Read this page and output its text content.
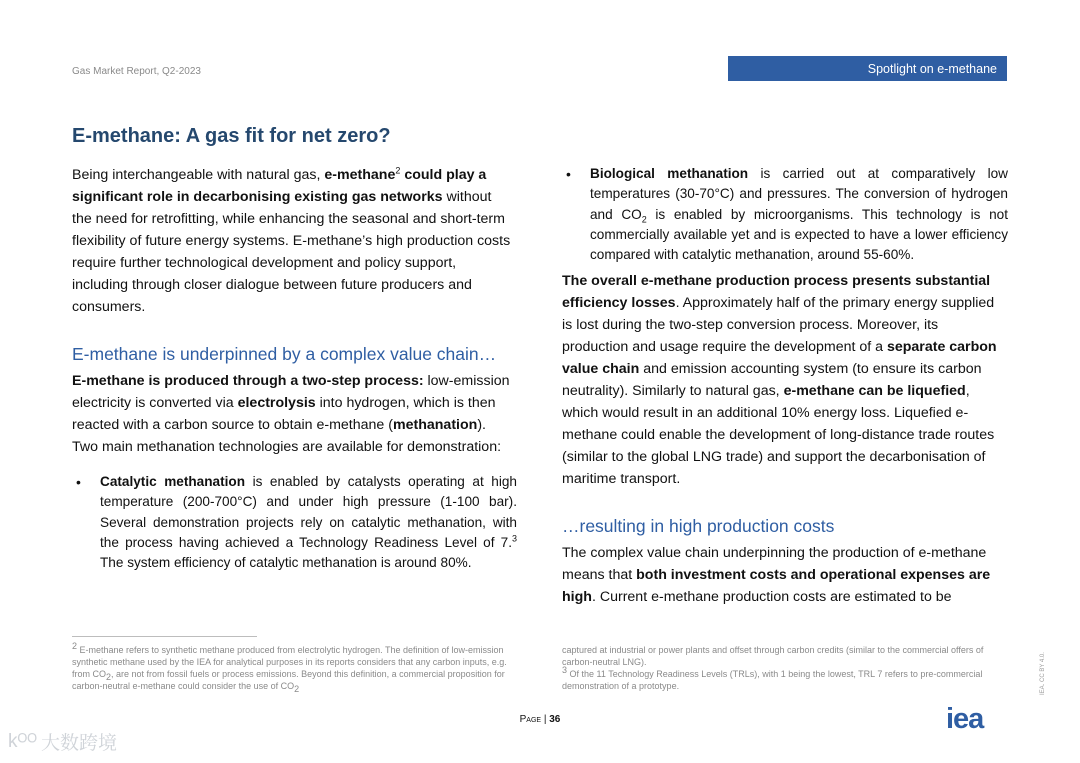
Gas Market Report, Q2-2023	Spotlight on e-methane
E-methane: A gas fit for net zero?

Being interchangeable with natural gas, e-methane$^2$ could play a significant role in decarbonising existing gas networks without the need for retrofitting, while enhancing the seasonal and short-term flexibility of future energy systems. E-methane’s high production costs require further technological development and policy support, including through closer dialogue between future producers and consumers.

E-methane is underpinned by a complex value chain…

E-methane is produced through a two-step process: low-emission electricity is converted via electrolysis into hydrogen, which is then reacted with a carbon source to obtain e-methane (methanation). Two main methanation technologies are available for demonstration:

• Catalytic methanation is enabled by catalysts operating at high temperature (200-700°C) and under high pressure (1-100 bar). Several demonstration projects rely on catalytic methanation, with the process having achieved a Technology Readiness Level of 7.$^3$ The system efficiency of catalytic methanation is around 80%.
• Biological methanation is carried out at comparatively low temperatures (30-70°C) and pressures. The conversion of hydrogen and $CO_2$ is enabled by microorganisms. This technology is not commercially available yet and is expected to have a lower efficiency compared with catalytic methanation, around 55-60%.

The overall e-methane production process presents substantial efficiency losses. Approximately half of the primary energy supplied is lost during the two-step conversion process. Moreover, its production and usage require the development of a separate carbon value chain and emission accounting system (to ensure its carbon neutrality). Similarly to natural gas, e-methane can be liquefied, which would result in an additional 10% energy loss. Liquefied e-methane could enable the development of long-distance trade routes (similar to the global LNG trade) and support the decarbonisation of maritime transport.

…resulting in high production costs

The complex value chain underpinning the production of e-methane means that both investment costs and operational expenses are high. Current e-methane production costs are estimated to be

$^2$ E-methane refers to synthetic methane produced from electrolytic hydrogen. The definition of low-emission synthetic methane used by the IEA for analytical purposes in its reports considers that any carbon inputs, e.g. from $CO_2$, are not from fossil fuels or process emissions. Beyond this definition, a commercial proposition for carbon-neutral e-methane could consider the use of $CO_2$

captured at industrial or power plants and offset through carbon credits (similar to the commercial offers of carbon-neutral LNG).

$^3$ Of the 11 Technology Readiness Levels (TRLs), with 1 being the lowest, TRL 7 refers to pre-commercial demonstration of a prototype.

Page | 36	iea
IEA. CC BY 4.0.
kᴼᴼ 大数跨境
